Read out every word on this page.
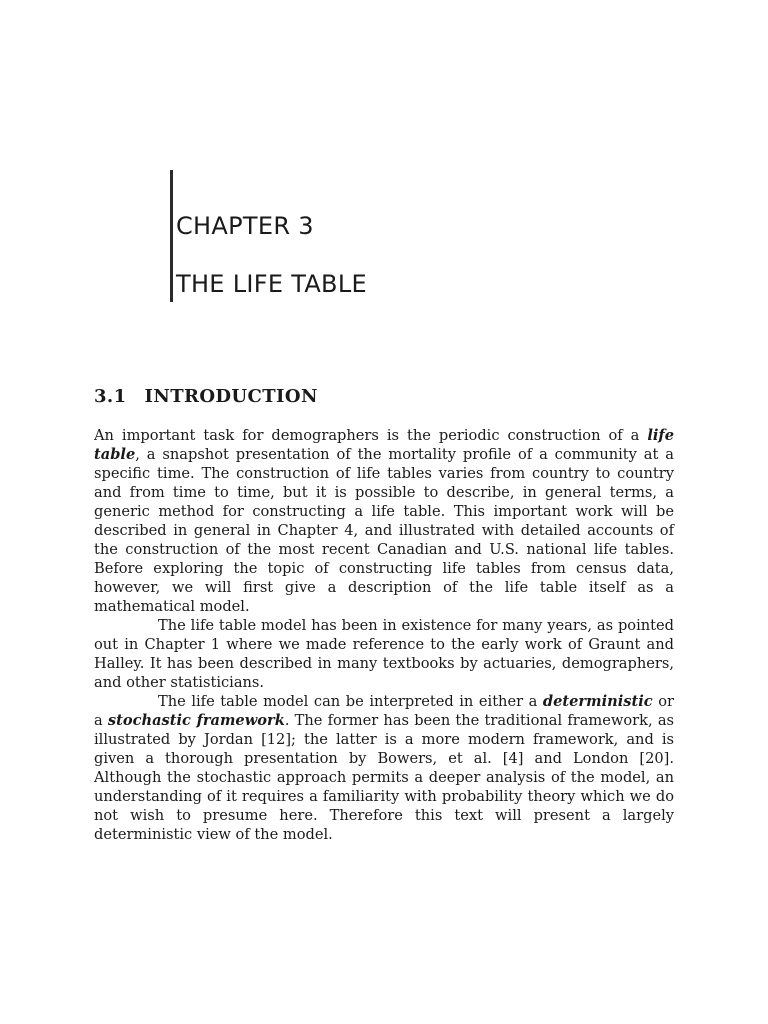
CHAPTER 3
THE LIFE TABLE
3.1 INTRODUCTION

An important task for demographers is the periodic construction of a life table, a snapshot presentation of the mortality profile of a community at a specific time. The construction of life tables varies from country to country and from time to time, but it is possible to describe, in general terms, a generic method for constructing a life table. This important work will be described in general in Chapter 4, and illustrated with detailed accounts of the construction of the most recent Canadian and U.S. national life tables. Before exploring the topic of constructing life tables from census data, however, we will first give a description of the life table itself as a mathematical model.

The life table model has been in existence for many years, as pointed out in Chapter 1 where we made reference to the early work of Graunt and Halley. It has been described in many textbooks by actuaries, demographers, and other statisticians.

The life table model can be interpreted in either a deterministic or a stochastic framework. The former has been the traditional framework, as illustrated by Jordan [12]; the latter is a more modern framework, and is given a thorough presentation by Bowers, et al. [4] and London [20]. Although the stochastic approach permits a deeper analysis of the model, an understanding of it requires a familiarity with probability theory which we do not wish to presume here. Therefore this text will present a largely deterministic view of the model.
